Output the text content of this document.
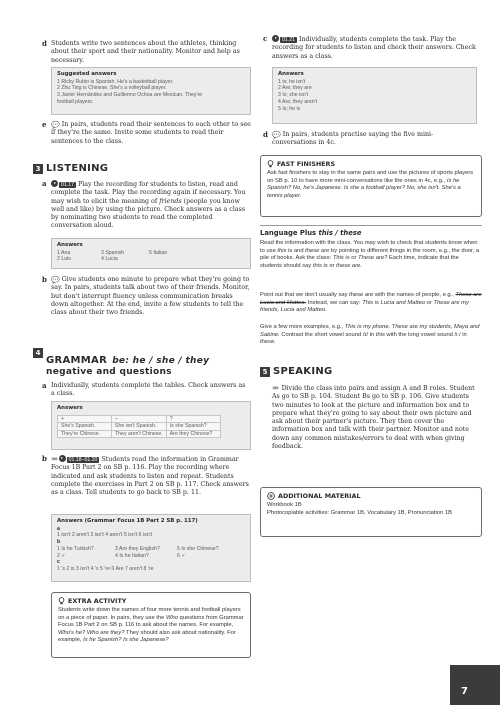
d Students write two sentences about the athletes, thinking about their sport and their nationality. Monitor and help as necessary.
Suggested answers
1 Ricky Rubio is Spanish. He's a basketball player.
2 Zhu Ting is Chinese. She's a volleyball player.
3 Javier Hernández and Guillermo Ochoa are Mexican. They're
football players.
e 💬 In pairs, students read their sentences to each other to see if they're the same. Invite some students to read their sentences to the class.
3 LISTENING
a	01.17 Play the recording for students to listen, read and complete the task. Play the recording again if necessary. You may wish to elicit the meaning of friends (people you know well and like) by using the picture. Check answers as a class by nominating two students to read the completed conversation aloud.
Answers
1 Ana	3 Spanish	5 Italian
2 Luis	4 Lucia
b 💬 Give students one minute to prepare what they're going to say. In pairs, students talk about two of their friends. Monitor, but don't interrupt fluency unless communication breaks down altogether. At the end, invite a few students to tell the class about their two friends.
4
GRAMMAR be: he / she / they
negative and questions
a Individually, students complete the tables. Check answers as a class.
Answers
+	–	?
She's Spanish.	She isn't Spanish.	Is she Spanish?
They're Chinese.	They aren't Chinese.	Are they Chinese?
b »» 01.18–01.20 Students read the information in Grammar Focus 1B Part 2 on SB p. 116. Play the recording where indicated and ask students to listen and repeat. Students complete the exercises in Part 2 on SB p. 117. Check answers as a class. Tell students to go back to SB p. 11.
Answers (Grammar Focus 1B Part 2 SB p. 117)
a
1 isn't 2 aren't 3 isn't 4 aren't 5 isn't 6 isn't
b
1 Is he Turkish?	3 Are they English?	5 Is she Chinese?
2 ✓	4 Is he Italian?	6 ✓
c
1 's 2 is 3 isn't 4 's 5 're 6 Are 7 aren't 8 're
EXTRA ACTIVITY
Students write down the names of four more tennis and football players on a piece of paper. In pairs, they use the Who questions from Grammar Focus 1B Part 2 on SB p. 116 to ask about the names. For example, Who's he? Who are they? They should also ask about nationality. For example, Is he Spanish? Is she Japanese?
c	01.21 Individually, students complete the task. Play the recording for students to listen and check their answers. Check answers as a class.
Answers
1 is; he isn't
2 Are; they are
3 Is; she isn't
4 Are; they aren't
5 Is; he is
d 💬 In pairs, students practise saying the five mini-conversations in 4c.
FAST FINISHERS
Ask fast finishers to stay in the same pairs and use the pictures of sports players on SB p. 10 to have more mini-conversations like the ones in 4c, e.g., Is he Spanish? No, he's Japanese. Is she a football player? No, she isn't. She's a tennis player.
Language Plus this / these
Read the information with the class. You may wish to check that students know when to use this is and these are by pointing to different things in the room, e.g., the door, a pile of books. Ask the class: This is or These are? Each time, indicate that the students should say this is or these are.
Point out that we don't usually say these are with the names of people, e.g., These are Lucia and Matteo. Instead, we can say: This is Lucia and Matteo or These are my friends, Lucia and Matteo.
Give a few more examples, e.g., This is my phone. These are my students, Maya and Sabine. Contrast the short vowel sound /ɪ/ in this with the long vowel sound /iː/ in these.
5 SPEAKING
»» Divide the class into pairs and assign A and B roles. Student As go to SB p. 104. Student Bs go to SB p. 106. Give students two minutes to look at the picture and information box and to prepare what they're going to say about their own picture and ask about their partner's picture. They then cover the information box and talk with their partner. Monitor and note down any common mistakes/errors to deal with when giving feedback.
ADDITIONAL MATERIAL
Workbook 1B
Photocopiable activities: Grammar 1B, Vocabulary 1B, Pronunciation 1B
7
